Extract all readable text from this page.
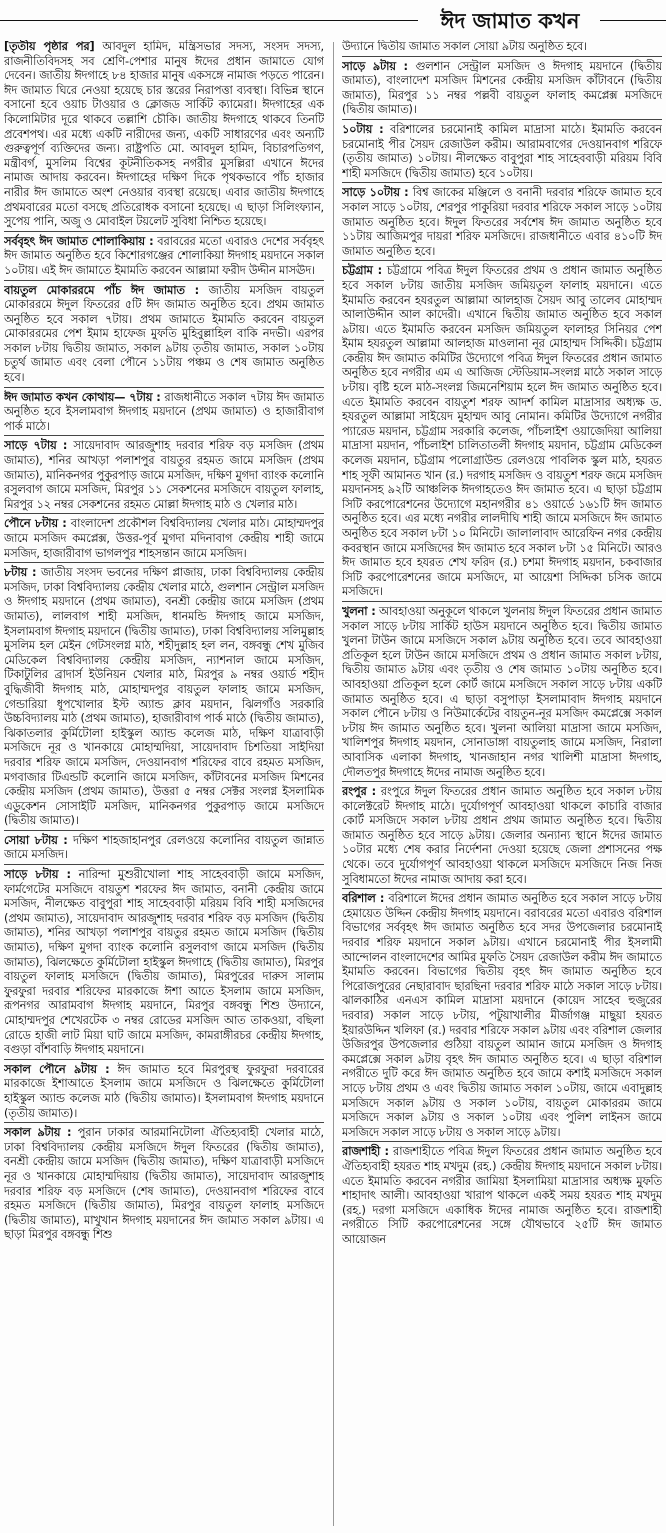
ঈদ জামাত কখন

[তৃতীয় পৃষ্ঠার পর] আবদুল হামিদ, মন্ত্রিসভার সদস্য, সংসদ সদস্য, রাজনীতিবিদসহ সব শ্রেণি-পেশার মানুষ ঈদের প্রধান জামাতে যোগ দেবেন। জাতীয় ঈদগাহে ৮৪ হাজার মানুষ একসঙ্গে নামাজ পড়তে পারেন। ঈদ জামাত ঘিরে নেওয়া হয়েছে চার স্তরের নিরাপত্তা ব্যবস্থা। বিভিন্ন স্থানে বসানো হবে ওয়াচ টাওয়ার ও ক্লোজড সার্কিট ক্যামেরা। ঈদগাহের এক কিলোমিটার দূরে থাকবে তল্লাশি চৌকি। জাতীয় ঈদগাহে থাকবে তিনটি প্রবেশপথ। এর মধ্যে একটি নারীদের জন্য, একটি সাধারণের এবং অন্যটি গুরুত্বপূর্ণ ব্যক্তিদের জন্য। রাষ্ট্রপতি মো. আবদুল হামিদ, বিচারপতিগণ, মন্ত্রীবর্গ, মুসলিম বিশ্বের কূটনীতিকসহ নগরীর মুসল্লিরা এখানে ঈদের নামাজ আদায় করবেন। ঈদগাহের দক্ষিণ দিকে পৃথকভাবে পাঁচ হাজার নারীর ঈদ জামাতে অংশ নেওয়ার ব্যবস্থা রয়েছে। এবার জাতীয় ঈদগাহে প্রথমবারের মতো বসছে প্রতিরোধক বসানো হয়েছে। এ ছাড়া সিলিংফ্যান, সুপেয় পানি, অজু ও মোবাইল টয়লেট সুবিধা নিশ্চিত হয়েছে।

সর্ববৃহৎ ঈদ জামাত শোলাকিয়ায় : বরাবরের মতো এবারও দেশের সর্ববৃহৎ ঈদ জামাত অনুষ্ঠিত হবে কিশোরগঞ্জের শোলাকিয়া ঈদগাহ ময়দানে সকাল ১০টায়। এই ঈদ জামাতে ইমামতি করবেন আল্লামা ফরীদ উদ্দীন মাসঊদ।

বায়তুল মোকাররমে পাঁচ ঈদ জামাত : জাতীয় মসজিদ বায়তুল মোকাররমে ঈদুল ফিতরের ৫টি ঈদ জামাত অনুষ্ঠিত হবে। প্রথম জামাত অনুষ্ঠিত হবে সকাল ৭টায়। প্রথম জামাতে ইমামতি করবেন বায়তুল মোকাররমের পেশ ইমাম হাফেজ মুফতি মুহিবুল্লাহিল বাকি নদভী। এরপর সকাল ৮টায় দ্বিতীয় জামাত, সকাল ৯টায় তৃতীয় জামাত, সকাল ১০টায় চতুর্থ জামাত এবং বেলা পৌনে ১১টায় পঞ্চম ও শেষ জামাত অনুষ্ঠিত হবে।

ঈদ জামাত কখন কোথায়— ৭টায় : রাজধানীতে সকাল ৭টায় ঈদ জামাত অনুষ্ঠিত হবে ইসলামবাগ ঈদগাহ ময়দানে (প্রথম জামাত) ও হাজারীবাগ পার্ক মাঠে।

সাড়ে ৭টায় : সায়েদাবাদ আরজুশাহ দরবার শরিফ বড় মসজিদ (প্রথম জামাত), শনির আখড়া পলাশপুর বায়তুর রহমত জামে মসজিদ (প্রথম জামাত), মানিকনগর পুকুরপাড় জামে মসজিদ, দক্ষিণ মুগদা ব্যাংক কলোনি রসুলবাগ জামে মসজিদ, মিরপুর ১১ সেকশনের মসজিদে বায়তুল ফালাহ, মিরপুর ১২ নম্বর সেকশনের রহমত মোল্লা ঈদগাহ মাঠ ও খেলার মাঠ।

পৌনে ৮টায় : বাংলাদেশ প্রকৌশল বিশ্ববিদ্যালয় খেলার মাঠ। মোহাম্মদপুর জামে মসজিদ কমপ্লেক্স, উত্তর-পূর্ব মুগদা মদিনাবাগ কেন্দ্রীয় শাহী জামে মসজিদ, হাজারীবাগ ভাগলপুর শাহসন্তান জামে মসজিদ।

৮টায় : জাতীয় সংসদ ভবনের দক্ষিণ প্লাজায়, ঢাকা বিশ্ববিদ্যালয় কেন্দ্রীয় মসজিদ, ঢাকা বিশ্ববিদ্যালয় কেন্দ্রীয় খেলার মাঠে, গুলশান সেন্ট্রাল মসজিদ ও ঈদগাহ ময়দানে (প্রথম জামাত), বনশ্রী কেন্দ্রীয় জামে মসজিদ (প্রথম জামাত), লালবাগ শাহী মসজিদ, ধানমন্ডি ঈদগাহ জামে মসজিদ, ইসলামবাগ ঈদগাহ ময়দানে (দ্বিতীয় জামাত), ঢাকা বিশ্ববিদ্যালয় সলিমুল্লাহ মুসলিম হল মেইন গেটসংলগ্ন মাঠ, শহীদুল্লাহ হল লন, বঙ্গবন্ধু শেখ মুজিব মেডিকেল বিশ্ববিদ্যালয় কেন্দ্রীয় মসজিদ, ন্যাশনাল জামে মসজিদ, টিকাটুলির ব্রাদার্স ইউনিয়ন খেলার মাঠ, মিরপুর ৯ নম্বর ওয়ার্ড শহীদ বুদ্ধিজীবী ঈদগাহ মাঠ, মোহাম্মদপুর বায়তুল ফালাহ জামে মসজিদ, গেন্ডারিয়া ধূপখোলার ইস্ট অ্যান্ড ক্লাব ময়দান, ঝিলগাঁও সরকারি উচ্চবিদ্যালয় মাঠ (প্রথম জামাত), হাজারীবাগ পার্ক মাঠে (দ্বিতীয় জামাত), ঝিকাতলার কুর্মিটোলা হাইস্কুল অ্যান্ড কলেজ মাঠ, দক্ষিণ যাত্রাবাড়ী মসজিদে নূর ও খানকায়ে মোহাম্মদিয়া, সায়েদাবাদ চিশতিয়া সাইদিয়া দরবার শরিফ জামে মসজিদ, দেওয়ানবাগ শরিফের বাবে রহমত মসজিদ, মগবাজার টিএন্ডটি কলোনি জামে মসজিদ, কাঁটাবনের মসজিদ মিশনের কেন্দ্রীয় মসজিদ (প্রথম জামাত), উত্তরা ৫ নম্বর সেক্টর সংলগ্ন ইসলামিক এডুকেশন সোসাইটি মসজিদ, মানিকনগর পুকুরপাড় জামে মসজিদে (দ্বিতীয় জামাত)।

সোয়া ৮টায় : দক্ষিণ শাহজাহানপুর রেলওয়ে কলোনির বায়তুল জান্নাত জামে মসজিদ।

সাড়ে ৮টায় : নারিন্দা মুশুরীখোলা শাহ সাহেববাড়ী জামে মসজিদ, ফার্মগেটের মসজিদে বায়তুশ শরফের ঈদ জামাত, বনানী কেন্দ্রীয় জামে মসজিদ, নীলক্ষেত বাবুপুরা শাহ সাহেববাড়ী মরিয়ম বিবি শাহী মসজিদের (প্রথম জামাত), সায়েদাবাদ আরজুশাহ দরবার শরিফ বড় মসজিদ (দ্বিতীয় জামাত), শনির আখড়া পলাশপুর বায়তুর রহমত জামে মসজিদ (দ্বিতীয় জামাত), দক্ষিণ মুগদা ব্যাংক কলোনি রসুলবাগ জামে মসজিদ (দ্বিতীয় জামাত), ঝিলক্ষেতে কুর্মিটোলা হাইস্কুল ঈদগাহে (দ্বিতীয় জামাত), মিরপুর বায়তুল ফালাহ মসজিদে (দ্বিতীয় জামাত), মিরপুরের দারুস সালাম ফুরফুরা দরবার শরিফের মারকাজে ঈশা আতে ইসলাম জামে মসজিদ, রূপনগর আরামবাগ ঈদগাহ ময়দানে, মিরপুর বঙ্গবন্ধু শিশু উদ্যানে, মোহাম্মদপুর শেখেরটেক ৩ নম্বর রোডের মসজিদ আত তাকওয়া, বছিলা রোডে হাজী লাট মিয়া ঘাট জামে মসজিদ, কামরাঙ্গীরচর কেন্দ্রীয় ঈদগাহ, বগুড়া বাঁশবাড়ি ঈদগাহ ময়দানে।

সকাল পৌনে ৯টায় : ঈদ জামাত হবে মিরপুরস্থ ফুরফুরা দরবারের মারকাজে ইশাআতে ইসলাম জামে মসজিদে ও ঝিলক্ষেতে কুর্মিটোলা হাইস্কুল অ্যান্ড কলেজ মাঠ (দ্বিতীয় জামাত)। ইসলামবাগ ঈদগাহ ময়দানে (তৃতীয় জামাত)।

সকাল ৯টায় : পুরান ঢাকার আরমানিটোলা ঐতিহ্যবাহী খেলার মাঠে, ঢাকা বিশ্ববিদ্যালয় কেন্দ্রীয় মসজিদে ঈদুল ফিতরের (দ্বিতীয় জামাত), বনশ্রী কেন্দ্রীয় জামে মসজিদ (দ্বিতীয় জামাত), দক্ষিণ যাত্রাবাড়ী মসজিদে নূর ও খানকায়ে মোহাম্মদিয়ায় (দ্বিতীয় জামাত), সায়েদাবাদ আরজুশাহ দরবার শরিফ বড় মসজিদে (শেষ জামাত), দেওয়ানবাগ শরিফের বাবে রহমত মসজিদে (দ্বিতীয় জামাত), মিরপুর বায়তুল ফালাহ মসজিদে (দ্বিতীয় জামাত), মাখুখান ঈদগাহ ময়দানের ঈদ জামাত সকাল ৯টায়। এ ছাড়া মিরপুর বঙ্গবন্ধু শিশু

উদ্যানে দ্বিতীয় জামাত সকাল সোয়া ৯টায় অনুষ্ঠিত হবে।

সাড়ে ৯টায় : গুলশান সেন্ট্রাল মসজিদ ও ঈদগাহ ময়দানে (দ্বিতীয় জামাত), বাংলাদেশ মসজিদ মিশনের কেন্দ্রীয় মসজিদ কাঁটাবনে (দ্বিতীয় জামাত), মিরপুর ১১ নম্বর পল্লবী বায়তুল ফালাহ কমপ্লেক্স মসজিদে (দ্বিতীয় জামাত)।

১০টায় : বরিশালের চরমোনাই কামিল মাদ্রাসা মাঠে। ইমামতি করবেন চরমোনাই পীর সৈয়দ রেজাউল করীম। আরামবাগের দেওয়ানবাগ শরিফে (তৃতীয় জামাত) ১০টায়। নীলক্ষেত বাবুপুরা শাহ সাহেববাড়ী মরিয়ম বিবি শাহী মসজিদে (দ্বিতীয় জামাত) হবে ১০টায়।

সাড়ে ১০টায় : বিশ্ব জাকের মঞ্জিলে ও বনানী দরবার শরিফে জামাত হবে সকাল সাড়ে ১০টায়, শেরপুর পাকুরিয়া দরবার শরিফে সকাল সাড়ে ১০টায় জামাত অনুষ্ঠিত হবে। ঈদুল ফিতরের সর্বশেষ ঈদ জামাত অনুষ্ঠিত হবে ১১টায় আজিমপুর দায়রা শরিফ মসজিদে। রাজধানীতে এবার ৪১০টি ঈদ জামাত অনুষ্ঠিত হবে।

চট্টগ্রাম : চট্টগ্রামে পবিত্র ঈদুল ফিতরের প্রথম ও প্রধান জামাত অনুষ্ঠিত হবে সকাল ৮টায় জাতীয় মসজিদ জমিয়তুল ফালাহ ময়দানে। এতে ইমামতি করবেন হযরতুল আল্লামা আলহাজ সৈয়দ আবু তালেব মোহাম্মদ আলাউদ্দীন আল কাদেরী। এখানে দ্বিতীয় জামাত অনুষ্ঠিত হবে সকাল ৯টায়। এতে ইমামতি করবেন মসজিদ জমিয়তুল ফালাহর সিনিয়র পেশ ইমাম হযরতুল আল্লামা আলহাজ মাওলানা নূর মোহাম্মদ সিদ্দিকী। চট্টগ্রাম কেন্দ্রীয় ঈদ জামাত কমিটির উদ্যোগে পবিত্র ঈদুল ফিতরের প্রধান জামাত অনুষ্ঠিত হবে নগরীর এম এ আজিজ স্টেডিয়াম-সংলগ্ন মাঠে সকাল সাড়ে ৮টায়। বৃষ্টি হলে মাঠ-সংলগ্ন জিমনেশিয়াম হলে ঈদ জামাত অনুষ্ঠিত হবে। এতে ইমামতি করবেন বায়তুশ শরফ আদর্শ কামিল মাদ্রাসার অধ্যক্ষ ড. হযরতুল আল্লামা সাইয়েদ মুহাম্মদ আবু নোমান। কমিটির উদ্যোগে নগরীর প্যারেড ময়দান, চট্টগ্রাম সরকারি কলেজ, পাঁচলাইশ ওয়াজেদিয়া আলিয়া মাদ্রাসা ময়দান, পাঁচলাইশ চালিতাতলী ঈদগাহ ময়দান, চট্টগ্রাম মেডিকেল কলেজ ময়দান, চট্টগ্রাম পলোগ্রাউন্ড রেলওয়ে পাবলিক স্কুল মাঠ, হযরত শাহ সূফী আমানত খান (র.) দরগাহ মসজিদ ও বায়তুশ শরফ জমে মসজিদ ময়দানসহ ৯২টি আঞ্চলিক ঈদগাহতেও ঈদ জামাত হবে। এ ছাড়া চট্টগ্রাম সিটি করপোরেশনের উদ্যোগে মহানগরীর ৪১ ওয়ার্ডে ১৬১টি ঈদ জামাত অনুষ্ঠিত হবে। এর মধ্যে নগরীর লালদীঘি শাহী জামে মসজিদে ঈদ জামাত অনুষ্ঠিত হবে সকাল ৮টা ১০ মিনিটে। জালালাবাদ আরেফিন নগর কেন্দ্রীয় কবরস্থান জামে মসজিদের ঈদ জামাত হবে সকাল ৮টা ১৫ মিনিটে। আরও ঈদ জামাত হবে হযরত শেখ ফরিদ (র.) চশমা ঈদগাহ ময়দান, চকবাজার সিটি করপোরেশনের জামে মসজিদে, মা আয়েশা সিদ্দিকা চসিক জামে মসজিদে।

খুলনা : আবহাওয়া অনুকূলে থাকলে খুলনায় ঈদুল ফিতরের প্রধান জামাত সকাল সাড়ে ৮টায় সার্কিট হাউস ময়দানে অনুষ্ঠিত হবে। দ্বিতীয় জামাত খুলনা টাউন জামে মসজিদে সকাল ৯টায় অনুষ্ঠিত হবে। তবে আবহাওয়া প্রতিকূল হলে টাউন জামে মসজিদে প্রথম ও প্রধান জামাত সকাল ৮টায়, দ্বিতীয় জামাত ৯টায় এবং তৃতীয় ও শেষ জামাত ১০টায় অনুষ্ঠিত হবে। আবহাওয়া প্রতিকূল হলে কোর্ট জামে মসজিদে সকাল সাড়ে ৮টায় একটি জামাত অনুষ্ঠিত হবে। এ ছাড়া বসুপাড়া ইসলামাবাদ ঈদগাহ ময়দানে সকাল পৌনে ৮টায় ও নিউমার্কেটের বায়তুন-নূর মসজিদ কমপ্লেক্সে সকাল ৮টায় ঈদ জামাত অনুষ্ঠিত হবে। খুলনা আলিয়া মাদ্রাসা জামে মসজিদ, খালিশপুর ঈদগাহ ময়দান, সোনাডাঙ্গা বায়তুলাহ জামে মসজিদ, নিরালা আবাসিক এলাকা ঈদগাহ, খানজাহান নগর খালিশী মাদ্রাসা ঈদগাহ, দৌলতপুর ঈদগাহে ঈদের নামাজ অনুষ্ঠিত হবে।

রংপুর : রংপুরে ঈদুল ফিতরের প্রধান জামাত অনুষ্ঠিত হবে সকাল ৮টায় কালেক্টরেট ঈদগাহ মাঠে। দুর্যোগপূর্ণ আবহাওয়া থাকলে কাচারি বাজার কোর্ট মসজিদে সকাল ৮টায় প্রধান প্রথম জামাত অনুষ্ঠিত হবে। দ্বিতীয় জামাত অনুষ্ঠিত হবে সাড়ে ৯টায়। জেলার অন্যান্য স্থানে ঈদের জামাত ১০টার মধ্যে শেষ করার নির্দেশনা দেওয়া হয়েছে জেলা প্রশাসনের পক্ষ থেকে। তবে দুর্যোগপূর্ণ আবহাওয়া থাকলে মসজিদে মসজিদে নিজ নিজ সুবিধামতো ঈদের নামাজ আদায় করা হবে।

বরিশাল : বরিশালে ঈদের প্রধান জামাত অনুষ্ঠিত হবে সকাল সাড়ে ৮টায় হেমায়েত উদ্দিন কেন্দ্রীয় ঈদগাহ ময়দানে। বরাবরের মতো এবারও বরিশাল বিভাগের সর্ববৃহৎ ঈদ জামাত অনুষ্ঠিত হবে সদর উপজেলার চরমোনাই দরবার শরিফ ময়দানে সকাল ৯টায়। এখানে চরমোনাই পীর ইসলামী আন্দোলন বাংলাদেশের আমির মুফতি সৈয়দ রেজাউল করীম ঈদ জামাতে ইমামতি করবেন। বিভাগের দ্বিতীয় বৃহৎ ঈদ জামাত অনুষ্ঠিত হবে পিরোজপুরের নেছারাবাদ ছারছিনা দরবার শরিফ মাঠে সকাল সাড়ে ৮টায়। ঝালকাঠির এনএস কামিল মাদ্রাসা ময়দানে (কায়েদ সাহেব হুজুরের দরবার) সকাল সাড়ে ৮টায়, পটুয়াখালীর মীর্জাগঞ্জ মাছুয়া হযরত ইয়ারউদ্দিন খলিফা (র.) দরবার শরিফে সকাল ৯টায় এবং বরিশাল জেলার উজিরপুর উপজেলার গুঠিয়া বায়তুল আমান জামে মসজিদ ও ঈদগাহ কমপ্লেক্সে সকাল ৯টায় বৃহৎ ঈদ জামাত অনুষ্ঠিত হবে। এ ছাড়া বরিশাল নগরীতে দুটি করে ঈদ জামাত অনুষ্ঠিত হবে জামে কশাই মসজিদে সকাল সাড়ে ৮টায় প্রথম ও এবং দ্বিতীয় জামাত সকাল ১০টায়, জামে এবাদুল্লাহ মসজিদে সকাল ৯টায় ও সকাল ১০টায়, বায়তুল মোকাররম জামে মসজিদে সকাল ৯টায় ও সকাল ১০টায় এবং পুলিশ লাইনস জামে মসজিদে সকাল সাড়ে ৮টায় ও সকাল সাড়ে ৯টায়।

রাজশাহী : রাজশাহীতে পবিত্র ঈদুল ফিতরের প্রধান জামাত অনুষ্ঠিত হবে ঐতিহ্যবাহী হযরত শাহ মখদুম (রহ.) কেন্দ্রীয় ঈদগাহ ময়দানে সকাল ৮টায়। এতে ইমামতি করবেন নগরীর জামিয়া ইসলামিয়া মাদ্রাসার অধ্যক্ষ মুফতি শাহাদাৎ আলী। আবহাওয়া খারাপ থাকলে একই সময় হযরত শাহ মখদুম (রহ.) দরগা মসজিদে একাধিক ঈদের নামাজ অনুষ্ঠিত হবে। রাজশাহী নগরীতে সিটি করপোরেশনের সঙ্গে যৌথভাবে ২৫টি ঈদ জামাত আয়োজন
